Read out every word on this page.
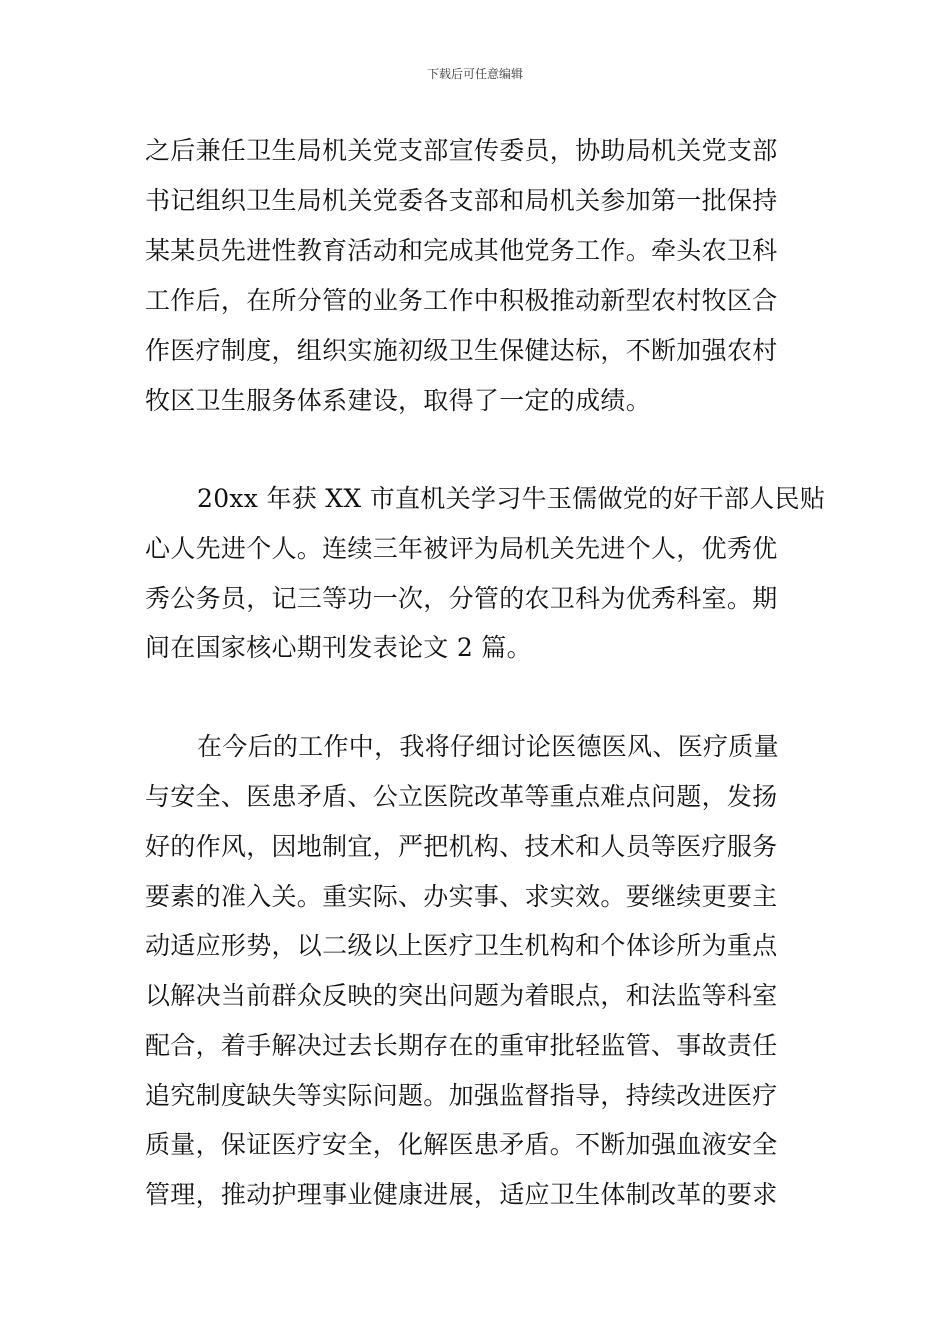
下载后可任意编辑
之后兼任卫生局机关党支部宣传委员，协助局机关党支部
书记组织卫生局机关党委各支部和局机关参加第一批保持
某某员先进性教育活动和完成其他党务工作。牵头农卫科
工作后，在所分管的业务工作中积极推动新型农村牧区合
作医疗制度，组织实施初级卫生保健达标，不断加强农村
牧区卫生服务体系建设，取得了一定的成绩。
20xx 年获 XX 市直机关学习牛玉儒做党的好干部人民贴
心人先进个人。连续三年被评为局机关先进个人，优秀优
秀公务员，记三等功一次，分管的农卫科为优秀科室。期
间在国家核心期刊发表论文 2 篇。
在今后的工作中，我将仔细讨论医德医风、医疗质量
与安全、医患矛盾、公立医院改革等重点难点问题，发扬
好的作风，因地制宜，严把机构、技术和人员等医疗服务
要素的准入关。重实际、办实事、求实效。要继续更要主
动适应形势，以二级以上医疗卫生机构和个体诊所为重点
以解决当前群众反映的突出问题为着眼点，和法监等科室
配合，着手解决过去长期存在的重审批轻监管、事故责任
追究制度缺失等实际问题。加强监督指导，持续改进医疗
质量，保证医疗安全，化解医患矛盾。不断加强血液安全
管理，推动护理事业健康进展，适应卫生体制改革的要求
